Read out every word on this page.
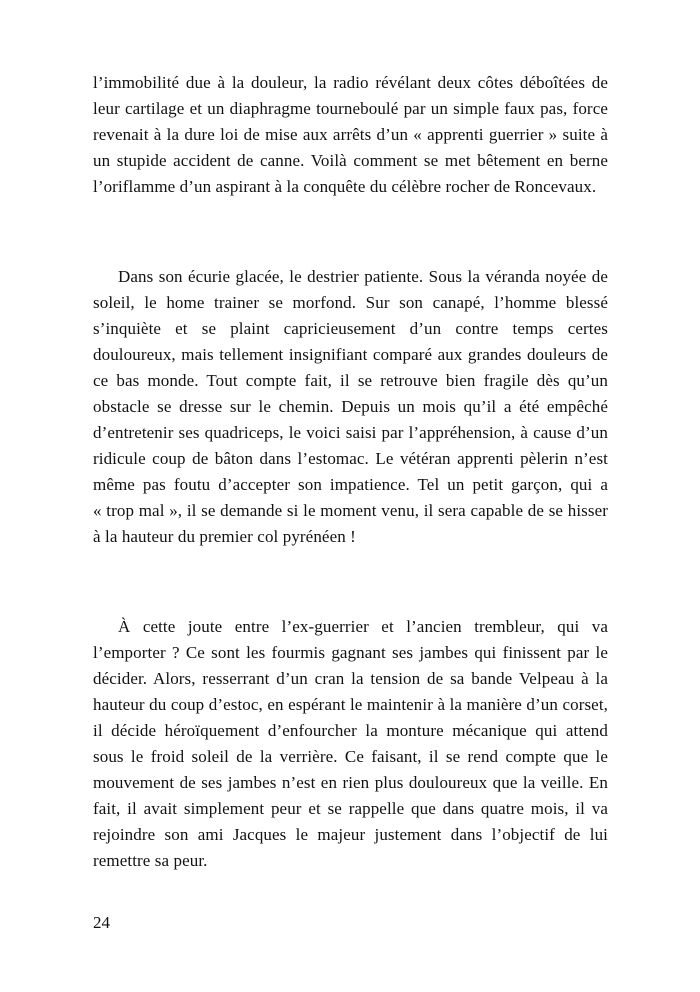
l’immobilité due à la douleur, la radio révélant deux côtes déboîtées de leur cartilage et un diaphragme tourneboulé par un simple faux pas, force revenait à la dure loi de mise aux arrêts d’un « apprenti guerrier » suite à un stupide accident de canne. Voilà comment se met bêtement en berne l’oriflamme d’un aspirant à la conquête du célèbre rocher de Roncevaux.

Dans son écurie glacée, le destrier patiente. Sous la véranda noyée de soleil, le home trainer se morfond. Sur son canapé, l’homme blessé s’inquiète et se plaint capricieusement d’un contre temps certes douloureux, mais tellement insignifiant comparé aux grandes douleurs de ce bas monde. Tout compte fait, il se retrouve bien fragile dès qu’un obstacle se dresse sur le chemin. Depuis un mois qu’il a été empêché d’entretenir ses quadriceps, le voici saisi par l’appréhension, à cause d’un ridicule coup de bâton dans l’estomac. Le vétéran apprenti pèlerin n’est même pas foutu d’accepter son impatience. Tel un petit garçon, qui a « trop mal », il se demande si le moment venu, il sera capable de se hisser à la hauteur du premier col pyrénéen !

À cette joute entre l’ex-guerrier et l’ancien trembleur, qui va l’emporter ? Ce sont les fourmis gagnant ses jambes qui finissent par le décider. Alors, resserrant d’un cran la tension de sa bande Velpeau à la hauteur du coup d’estoc, en espérant le maintenir à la manière d’un corset, il décide héroïquement d’enfourcher la monture mécanique qui attend sous le froid soleil de la verrière. Ce faisant, il se rend compte que le mouvement de ses jambes n’est en rien plus douloureux que la veille. En fait, il avait simplement peur et se rappelle que dans quatre mois, il va rejoindre son ami Jacques le majeur justement dans l’objectif de lui remettre sa peur.

24
